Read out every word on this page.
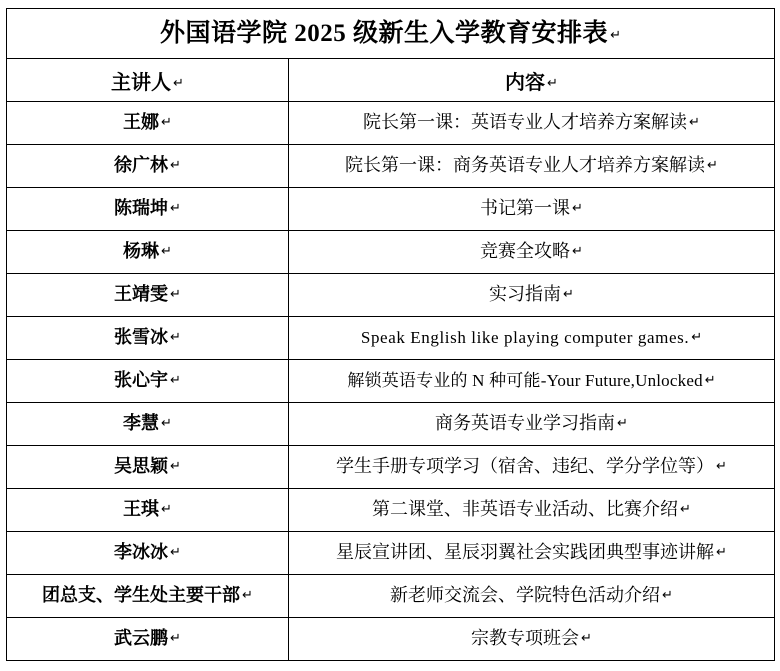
外国语学院 2025 级新生入学教育安排表 ↵	
主讲人 ↵	内容 ↵
王娜 ↵	院长第一课：英语专业人才培养方案解读 ↵
徐广林 ↵	院长第一课：商务英语专业人才培养方案解读 ↵
陈瑞坤 ↵	书记第一课 ↵
杨琳 ↵	竞赛全攻略 ↵
王靖雯 ↵	实习指南 ↵
张雪冰 ↵	Speak English like playing computer games. ↵
张心宇 ↵	解锁英语专业的 N 种可能-Your Future,Unlocked ↵
李慧 ↵	商务英语专业学习指南 ↵
吴思颖 ↵	学生手册专项学习（宿舍、违纪、学分学位等） ↵
王琪 ↵	第二课堂、非英语专业活动、比赛介绍 ↵
李冰冰 ↵	星辰宣讲团、星辰羽翼社会实践团典型事迹讲解 ↵
团总支、学生处主要干部 ↵	新老师交流会、学院特色活动介绍 ↵
武云鹏 ↵	宗教专项班会 ↵
